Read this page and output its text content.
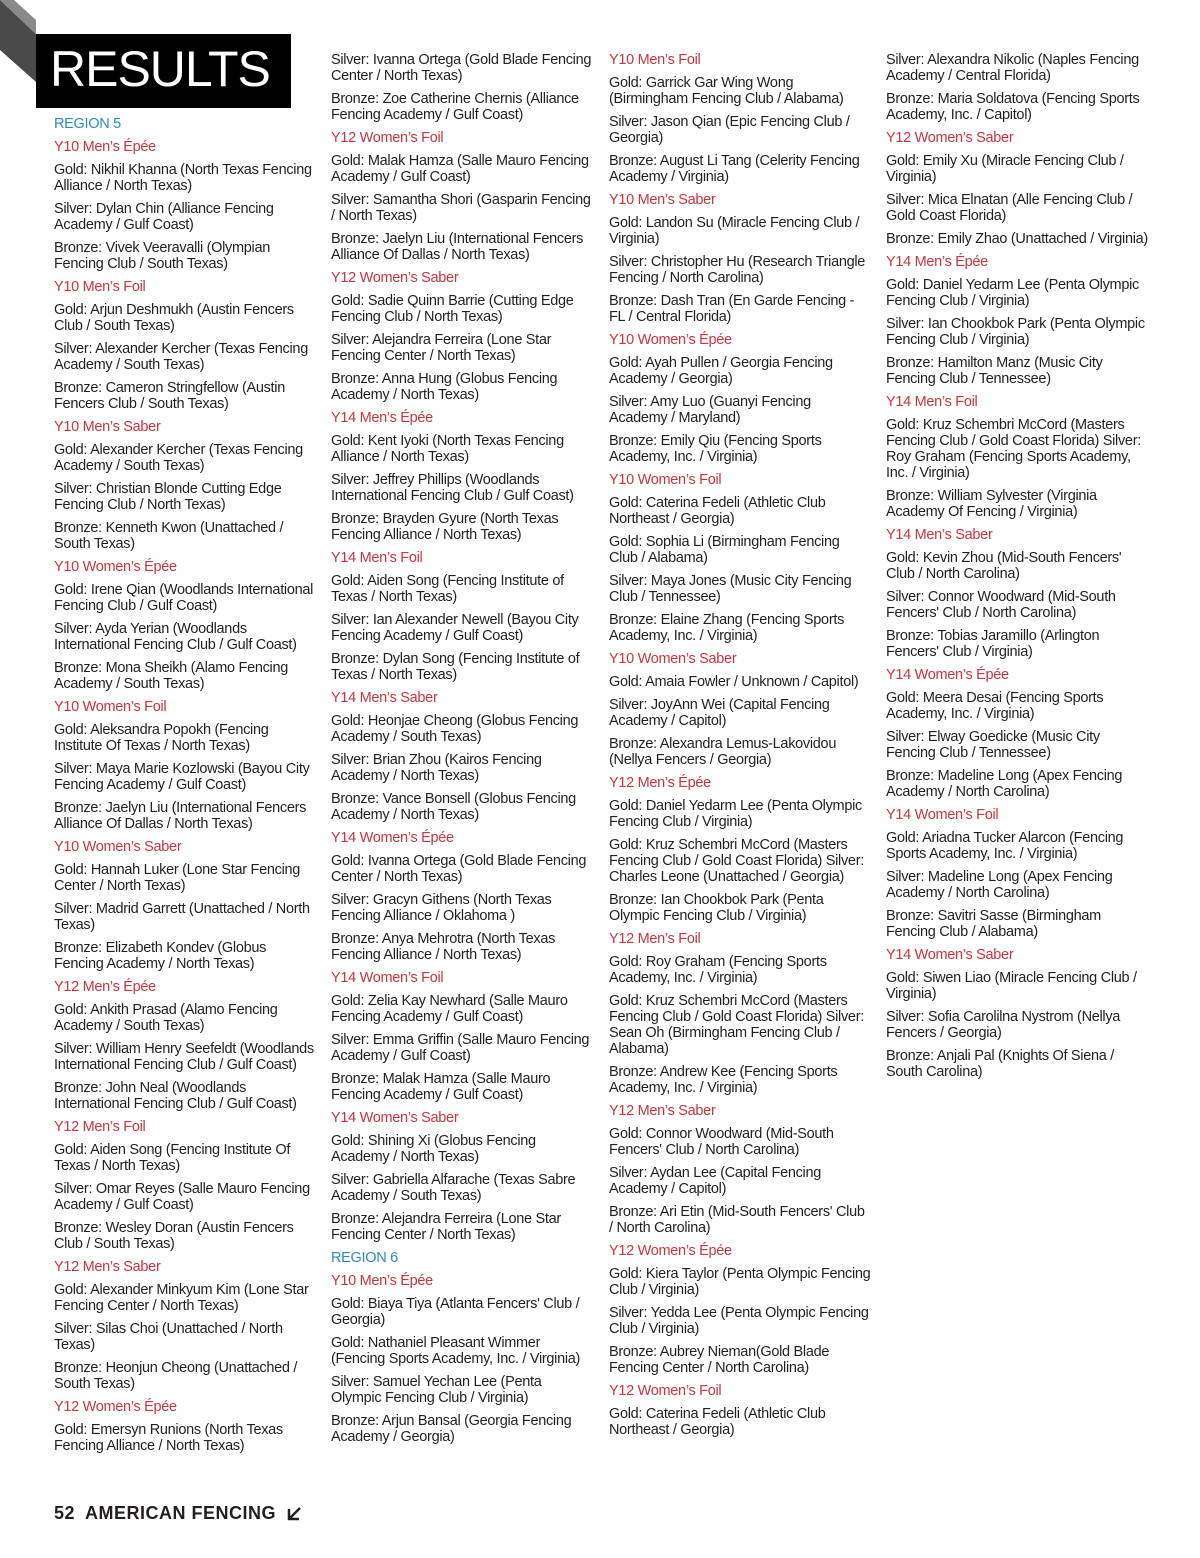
RESULTS
REGION 5
Y10 Men’s Épée
Gold: Nikhil Khanna (North Texas Fencing Alliance / North Texas)
Silver: Dylan Chin (Alliance Fencing Academy / Gulf Coast)
Bronze: Vivek Veeravalli (Olympian Fencing Club / South Texas)
Y10 Men’s Foil
Gold: Arjun Deshmukh (Austin Fencers Club / South Texas)
Silver: Alexander Kercher (Texas Fencing Academy / South Texas)
Bronze: Cameron Stringfellow (Austin Fencers Club / South Texas)
Y10 Men’s Saber
Gold: Alexander Kercher (Texas Fencing Academy / South Texas)
Silver: Christian Blonde Cutting Edge Fencing Club / North Texas)
Bronze: Kenneth Kwon (Unattached / South Texas)
Y10 Women’s Épée
Gold: Irene Qian (Woodlands International Fencing Club / Gulf Coast)
Silver: Ayda Yerian (Woodlands International Fencing Club / Gulf Coast)
Bronze: Mona Sheikh (Alamo Fencing Academy / South Texas)
Y10 Women’s Foil
Gold: Aleksandra Popokh (Fencing Institute Of Texas / North Texas)
Silver: Maya Marie Kozlowski (Bayou City Fencing Academy / Gulf Coast)
Bronze: Jaelyn Liu (International Fencers Alliance Of Dallas / North Texas)
Y10 Women’s Saber
Gold: Hannah Luker (Lone Star Fencing Center / North Texas)
Silver: Madrid Garrett (Unattached / North Texas)
Bronze: Elizabeth Kondev (Globus Fencing Academy / North Texas)
Y12 Men’s Épée
Gold: Ankith Prasad (Alamo Fencing Academy / South Texas)
Silver: William Henry Seefeldt (Woodlands International Fencing Club / Gulf Coast)
Bronze: John Neal (Woodlands International Fencing Club / Gulf Coast)
Y12 Men’s Foil
Gold: Aiden Song (Fencing Institute Of Texas / North Texas)
Silver: Omar Reyes (Salle Mauro Fencing Academy / Gulf Coast)
Bronze: Wesley Doran (Austin Fencers Club / South Texas)
Y12 Men’s Saber
Gold: Alexander Minkyum Kim (Lone Star Fencing Center / North Texas)
Silver: Silas Choi (Unattached / North Texas)
Bronze: Heonjun Cheong (Unattached / South Texas)
Y12 Women’s Épée
Gold: Emersyn Runions (North Texas Fencing Alliance / North Texas)
Silver: Ivanna Ortega (Gold Blade Fencing Center / North Texas)
Bronze: Zoe Catherine Chernis (Alliance Fencing Academy / Gulf Coast)
Y12 Women’s Foil
Gold: Malak Hamza (Salle Mauro Fencing Academy / Gulf Coast)
Silver: Samantha Shori (Gasparin Fencing / North Texas)
Bronze: Jaelyn Liu (International Fencers Alliance Of Dallas / North Texas)
Y12 Women’s Saber
Gold: Sadie Quinn Barrie (Cutting Edge Fencing Club / North Texas)
Silver: Alejandra Ferreira (Lone Star Fencing Center / North Texas)
Bronze: Anna Hung (Globus Fencing Academy / North Texas)
Y14 Men’s Épée
Gold: Kent Iyoki (North Texas Fencing Alliance / North Texas)
Silver: Jeffrey Phillips (Woodlands International Fencing Club / Gulf Coast)
Bronze: Brayden Gyure (North Texas Fencing Alliance / North Texas)
Y14 Men’s Foil
Gold: Aiden Song (Fencing Institute of Texas / North Texas)
Silver: Ian Alexander Newell (Bayou City Fencing Academy / Gulf Coast)
Bronze: Dylan Song (Fencing Institute of Texas / North Texas)
Y14 Men’s Saber
Gold: Heonjae Cheong (Globus Fencing Academy / South Texas)
Silver: Brian Zhou (Kairos Fencing Academy / North Texas)
Bronze: Vance Bonsell (Globus Fencing Academy / North Texas)
Y14 Women’s Épée
Gold: Ivanna Ortega (Gold Blade Fencing Center / North Texas)
Silver: Gracyn Githens (North Texas Fencing Alliance / Oklahoma )
Bronze: Anya Mehrotra (North Texas Fencing Alliance / North Texas)
Y14 Women’s Foil
Gold: Zelia Kay Newhard (Salle Mauro Fencing Academy / Gulf Coast)
Silver: Emma Griffin (Salle Mauro Fencing Academy / Gulf Coast)
Bronze: Malak Hamza (Salle Mauro Fencing Academy / Gulf Coast)
Y14 Women’s Saber
Gold: Shining Xi (Globus Fencing Academy / North Texas)
Silver: Gabriella Alfarache (Texas Sabre Academy / South Texas)
Bronze: Alejandra Ferreira (Lone Star Fencing Center / North Texas)
REGION 6
Y10 Men’s Épée
Gold: Biaya Tiya (Atlanta Fencers' Club / Georgia)
Gold: Nathaniel Pleasant Wimmer (Fencing Sports Academy, Inc. / Virginia)
Silver: Samuel Yechan Lee (Penta Olympic Fencing Club / Virginia)
Bronze: Arjun Bansal (Georgia Fencing Academy / Georgia)
Y10 Men’s Foil
Gold: Garrick Gar Wing Wong (Birmingham Fencing Club / Alabama)
Silver: Jason Qian (Epic Fencing Club / Georgia)
Bronze: August Li Tang (Celerity Fencing Academy / Virginia)
Y10 Men’s Saber
Gold: Landon Su (Miracle Fencing Club / Virginia)
Silver: Christopher Hu (Research Triangle Fencing / North Carolina)
Bronze: Dash Tran (En Garde Fencing - FL / Central Florida)
Y10 Women’s Épée
Gold: Ayah Pullen / Georgia Fencing Academy / Georgia)
Silver: Amy Luo (Guanyi Fencing Academy / Maryland)
Bronze: Emily Qiu (Fencing Sports Academy, Inc. / Virginia)
Y10 Women’s Foil
Gold: Caterina Fedeli (Athletic Club Northeast / Georgia)
Gold: Sophia Li (Birmingham Fencing Club / Alabama)
Silver: Maya Jones (Music City Fencing Club / Tennessee)
Bronze: Elaine Zhang (Fencing Sports Academy, Inc. / Virginia)
Y10 Women’s Saber
Gold: Amaia Fowler / Unknown / Capitol)
Silver: JoyAnn Wei (Capital Fencing Academy / Capitol)
Bronze: Alexandra Lemus-Lakovidou (Nellya Fencers / Georgia)
Y12 Men’s Épée
Gold: Daniel Yedarm Lee (Penta Olympic Fencing Club / Virginia)
Gold: Kruz Schembri McCord (Masters Fencing Club / Gold Coast Florida) Silver: Charles Leone (Unattached / Georgia)
Bronze: Ian Chookbok Park (Penta Olympic Fencing Club / Virginia)
Y12 Men’s Foil
Gold: Roy Graham (Fencing Sports Academy, Inc. / Virginia)
Gold: Kruz Schembri McCord (Masters Fencing Club / Gold Coast Florida) Silver: Sean Oh (Birmingham Fencing Club / Alabama)
Bronze: Andrew Kee (Fencing Sports Academy, Inc. / Virginia)
Y12 Men’s Saber
Gold: Connor Woodward (Mid-South Fencers' Club / North Carolina)
Silver: Aydan Lee (Capital Fencing Academy / Capitol)
Bronze: Ari Etin (Mid-South Fencers' Club / North Carolina)
Y12 Women’s Épée
Gold: Kiera Taylor (Penta Olympic Fencing Club / Virginia)
Silver: Yedda Lee (Penta Olympic Fencing Club / Virginia)
Bronze: Aubrey Nieman(Gold Blade Fencing Center / North Carolina)
Y12 Women’s Foil
Gold: Caterina Fedeli (Athletic Club Northeast / Georgia)
Silver: Alexandra Nikolic (Naples Fencing Academy / Central Florida)
Bronze: Maria Soldatova (Fencing Sports Academy, Inc. / Capitol)
Y12 Women’s Saber
Gold: Emily Xu (Miracle Fencing Club / Virginia)
Silver: Mica Elnatan (Alle Fencing Club / Gold Coast Florida)
Bronze: Emily Zhao (Unattached / Virginia)
Y14 Men’s Épée
Gold: Daniel Yedarm Lee (Penta Olympic Fencing Club / Virginia)
Silver: Ian Chookbok Park (Penta Olympic Fencing Club / Virginia)
Bronze: Hamilton Manz (Music City Fencing Club / Tennessee)
Y14 Men’s Foil
Gold: Kruz Schembri McCord (Masters Fencing Club / Gold Coast Florida) Silver: Roy Graham (Fencing Sports Academy, Inc. / Virginia)
Bronze: William Sylvester (Virginia Academy Of Fencing / Virginia)
Y14 Men’s Saber
Gold: Kevin Zhou (Mid-South Fencers' Club / North Carolina)
Silver: Connor Woodward (Mid-South Fencers' Club / North Carolina)
Bronze: Tobias Jaramillo (Arlington Fencers' Club / Virginia)
Y14 Women’s Épée
Gold: Meera Desai (Fencing Sports Academy, Inc. / Virginia)
Silver: Elway Goedicke (Music City Fencing Club / Tennessee)
Bronze: Madeline Long (Apex Fencing Academy / North Carolina)
Y14 Women’s Foil
Gold: Ariadna Tucker Alarcon (Fencing Sports Academy, Inc. / Virginia)
Silver: Madeline Long (Apex Fencing Academy / North Carolina)
Bronze: Savitri Sasse (Birmingham Fencing Club / Alabama)
Y14 Women’s Saber
Gold: Siwen Liao (Miracle Fencing Club / Virginia)
Silver: Sofia Carolilna Nystrom (Nellya Fencers / Georgia)
Bronze: Anjali Pal (Knights Of Siena / South Carolina)
52 AMERICAN FENCING
